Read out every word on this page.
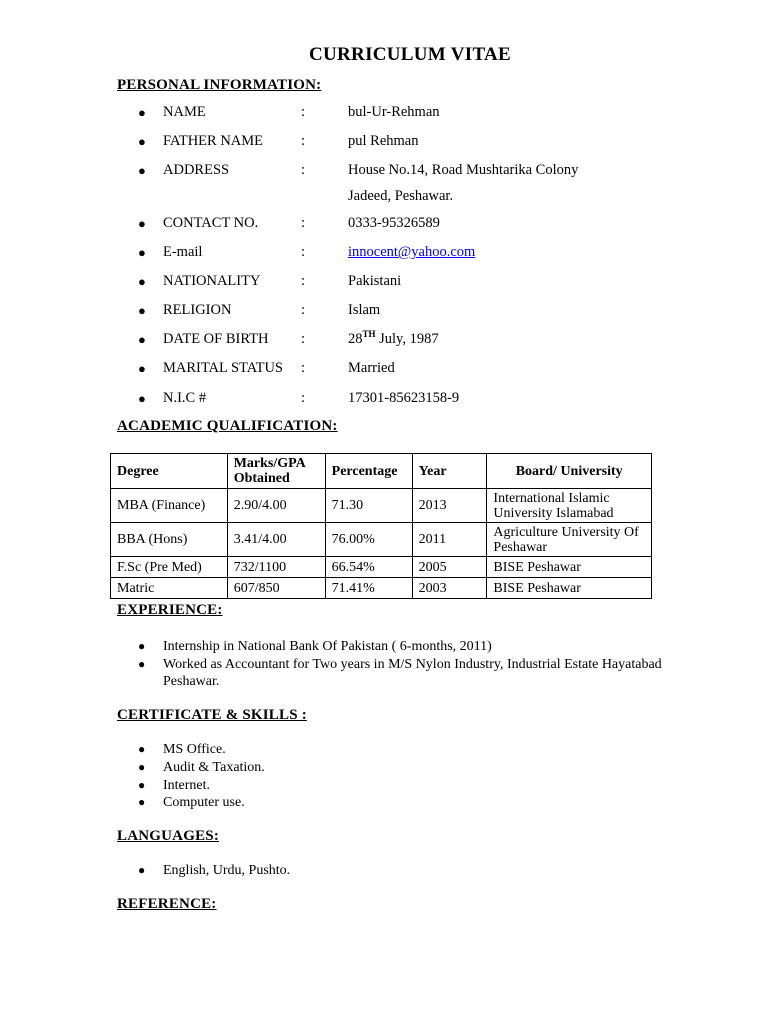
CURRICULUM VITAE
PERSONAL INFORMATION:
● NAME	:	bul-Ur-Rehman
● FATHER NAME	:	pul Rehman
● ADDRESS	:	House No.14, Road Mushtarika Colony
Jadeed, Peshawar.
● CONTACT NO.	:	0333-95326589
● E-mail	:	innocent@yahoo.com
● NATIONALITY	:	Pakistani
● RELIGION	:	Islam
● DATE OF BIRTH :	28TH July, 1987
● MARITAL STATUS :	Married
● N.I.C #	:	17301-85623158-9
ACADEMIC QUALIFICATION:
Degree	Marks/GPA Obtained	Percentage	Year	Board/ University
MBA (Finance)	2.90/4.00	71.30	2013	International Islamic University Islamabad
BBA (Hons)	3.41/4.00	76.00%	2011	Agriculture University Of Peshawar
F.Sc (Pre Med)	732/1100	66.54%	2005	BISE Peshawar
Matric	607/850	71.41%	2003	BISE Peshawar
EXPERIENCE:
● Internship in National Bank Of Pakistan ( 6-months, 2011)
● Worked as Accountant for Two years in M/S Nylon Industry, Industrial Estate Hayatabad Peshawar.
CERTIFICATE & SKILLS :
● MS Office.
● Audit & Taxation.
● Internet.
● Computer use.
LANGUAGES:
● English, Urdu, Pushto.
REFERENCE:
